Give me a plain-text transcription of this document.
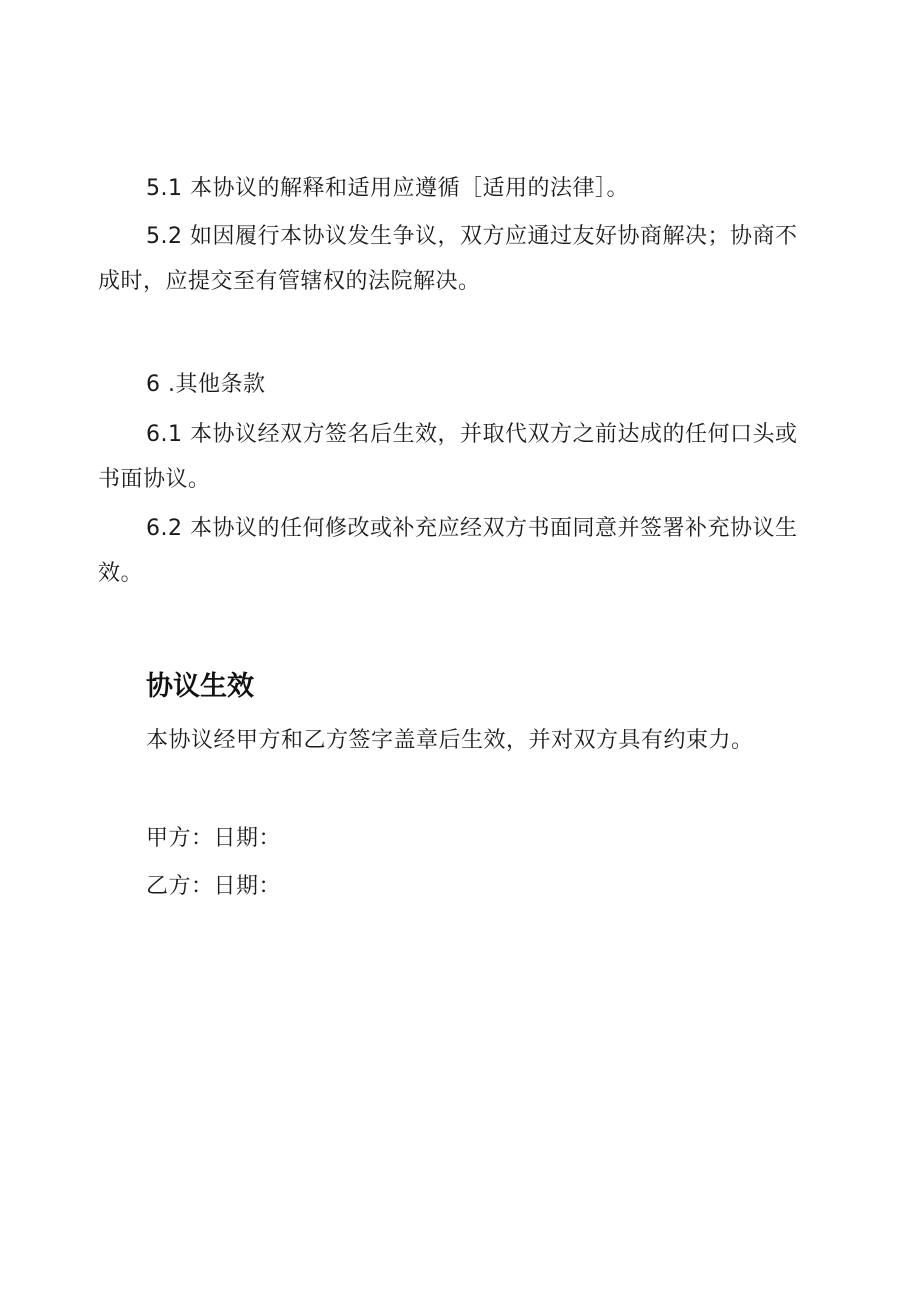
5.1 本协议的解释和适用应遵循［适用的法律］。

5.2 如因履行本协议发生争议，双方应通过友好协商解决；协商不成时，应提交至有管辖权的法院解决。

6 .其他条款

6.1 本协议经双方签名后生效，并取代双方之前达成的任何口头或书面协议。

6.2 本协议的任何修改或补充应经双方书面同意并签署补充协议生效。

协议生效

本协议经甲方和乙方签字盖章后生效，并对双方具有约束力。

甲方：日期：

乙方：日期：
